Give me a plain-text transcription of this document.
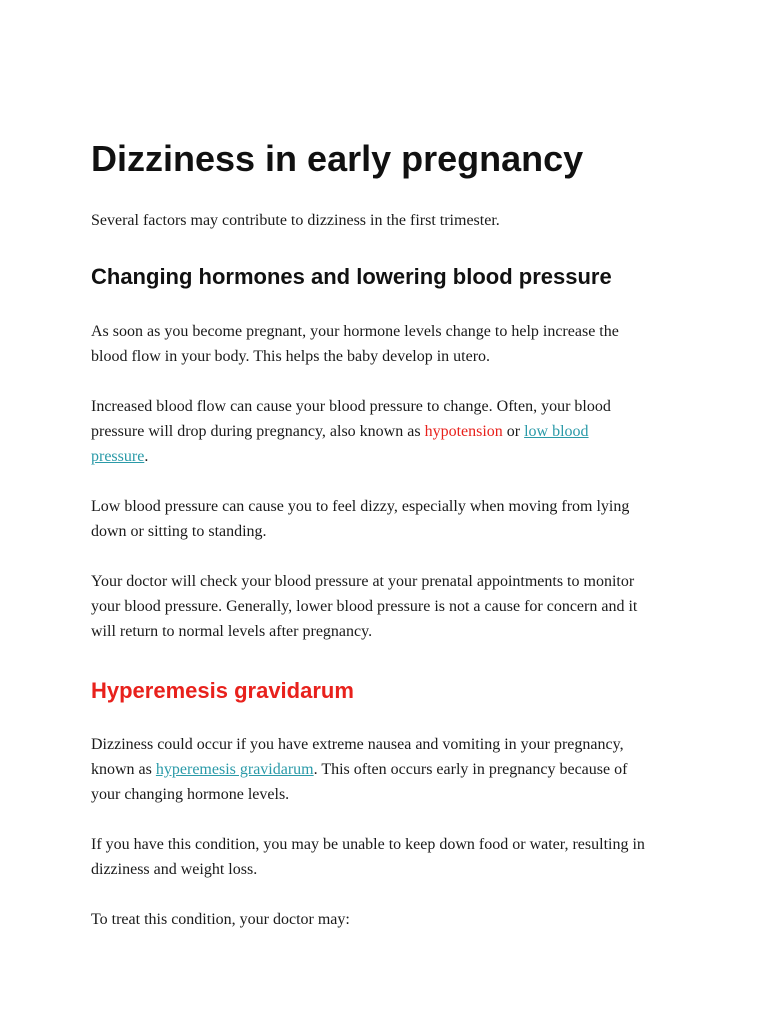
Dizziness in early pregnancy

Several factors may contribute to dizziness in the first trimester.

Changing hormones and lowering blood pressure

As soon as you become pregnant, your hormone levels change to help increase the
blood flow in your body. This helps the baby develop in utero.

Increased blood flow can cause your blood pressure to change. Often, your blood
pressure will drop during pregnancy, also known as hypotension or low blood
pressure.

Low blood pressure can cause you to feel dizzy, especially when moving from lying
down or sitting to standing.

Your doctor will check your blood pressure at your prenatal appointments to monitor
your blood pressure. Generally, lower blood pressure is not a cause for concern and it
will return to normal levels after pregnancy.

Hyperemesis gravidarum

Dizziness could occur if you have extreme nausea and vomiting in your pregnancy,
known as hyperemesis gravidarum. This often occurs early in pregnancy because of
your changing hormone levels.

If you have this condition, you may be unable to keep down food or water, resulting in
dizziness and weight loss.

To treat this condition, your doctor may:
